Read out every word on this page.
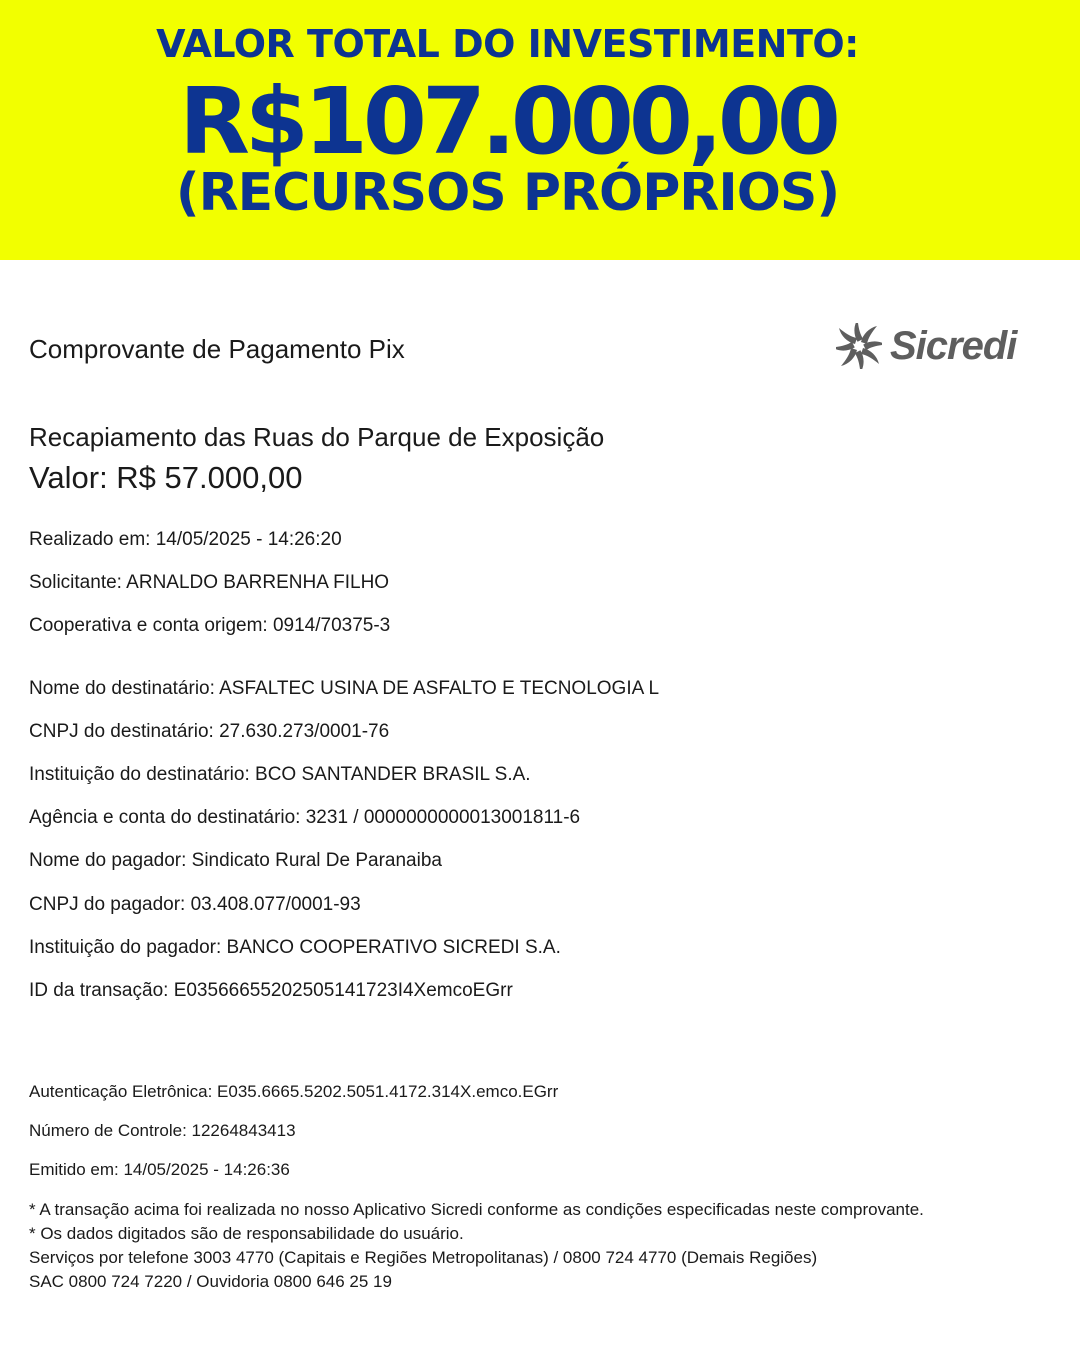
VALOR TOTAL DO INVESTIMENTO:
R$107.000,00
(RECURSOS PRÓPRIOS)
Comprovante de Pagamento Pix	Sicredi
Recapiamento das Ruas do Parque de Exposição
Valor: R$ 57.000,00
Realizado em: 14/05/2025 - 14:26:20
Solicitante: ARNALDO BARRENHA FILHO
Cooperativa e conta origem: 0914/70375-3
Nome do destinatário: ASFALTEC USINA DE ASFALTO E TECNOLOGIA L
CNPJ do destinatário: 27.630.273/0001-76
Instituição do destinatário: BCO SANTANDER BRASIL S.A.
Agência e conta do destinatário: 3231 / 0000000000013001811-6
Nome do pagador: Sindicato Rural De Paranaiba
CNPJ do pagador: 03.408.077/0001-93
Instituição do pagador: BANCO COOPERATIVO SICREDI S.A.
ID da transação: E03566655202505141723I4XemcoEGrr
Autenticação Eletrônica: E035.6665.5202.5051.4172.314X.emco.EGrr
Número de Controle: 12264843413
Emitido em: 14/05/2025 - 14:26:36
* A transação acima foi realizada no nosso Aplicativo Sicredi conforme as condições especificadas neste comprovante.
* Os dados digitados são de responsabilidade do usuário.
Serviços por telefone 3003 4770 (Capitais e Regiões Metropolitanas) / 0800 724 4770 (Demais Regiões)
SAC 0800 724 7220 / Ouvidoria 0800 646 25 19
